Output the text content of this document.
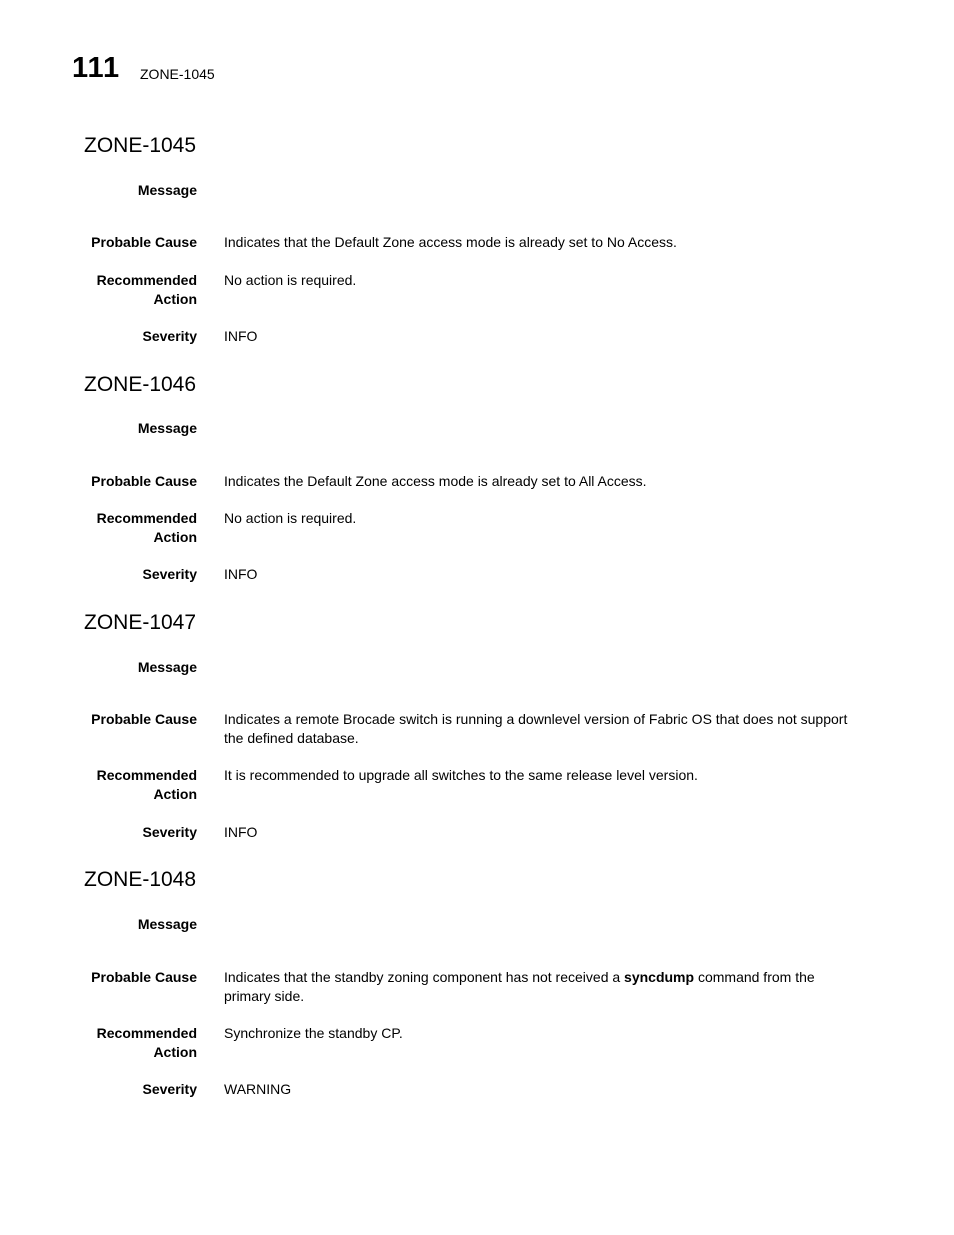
111 ZONE-1045
ZONE-1045
Message
Probable Cause Indicates that the Default Zone access mode is already set to No Access.
Recommended
Action
No action is required.
Severity INFO
ZONE-1046
Message
Probable Cause Indicates the Default Zone access mode is already set to All Access.
Recommended
Action
No action is required.
Severity INFO
ZONE-1047
Message
Probable Cause Indicates a remote Brocade switch is running a downlevel version of Fabric OS that does not support the defined database.
Recommended
Action
It is recommended to upgrade all switches to the same release level version.
Severity INFO
ZONE-1048
Message
Probable Cause Indicates that the standby zoning component has not received a syncdump command from the primary side.
Recommended
Action
Synchronize the standby CP.
Severity WARNING
